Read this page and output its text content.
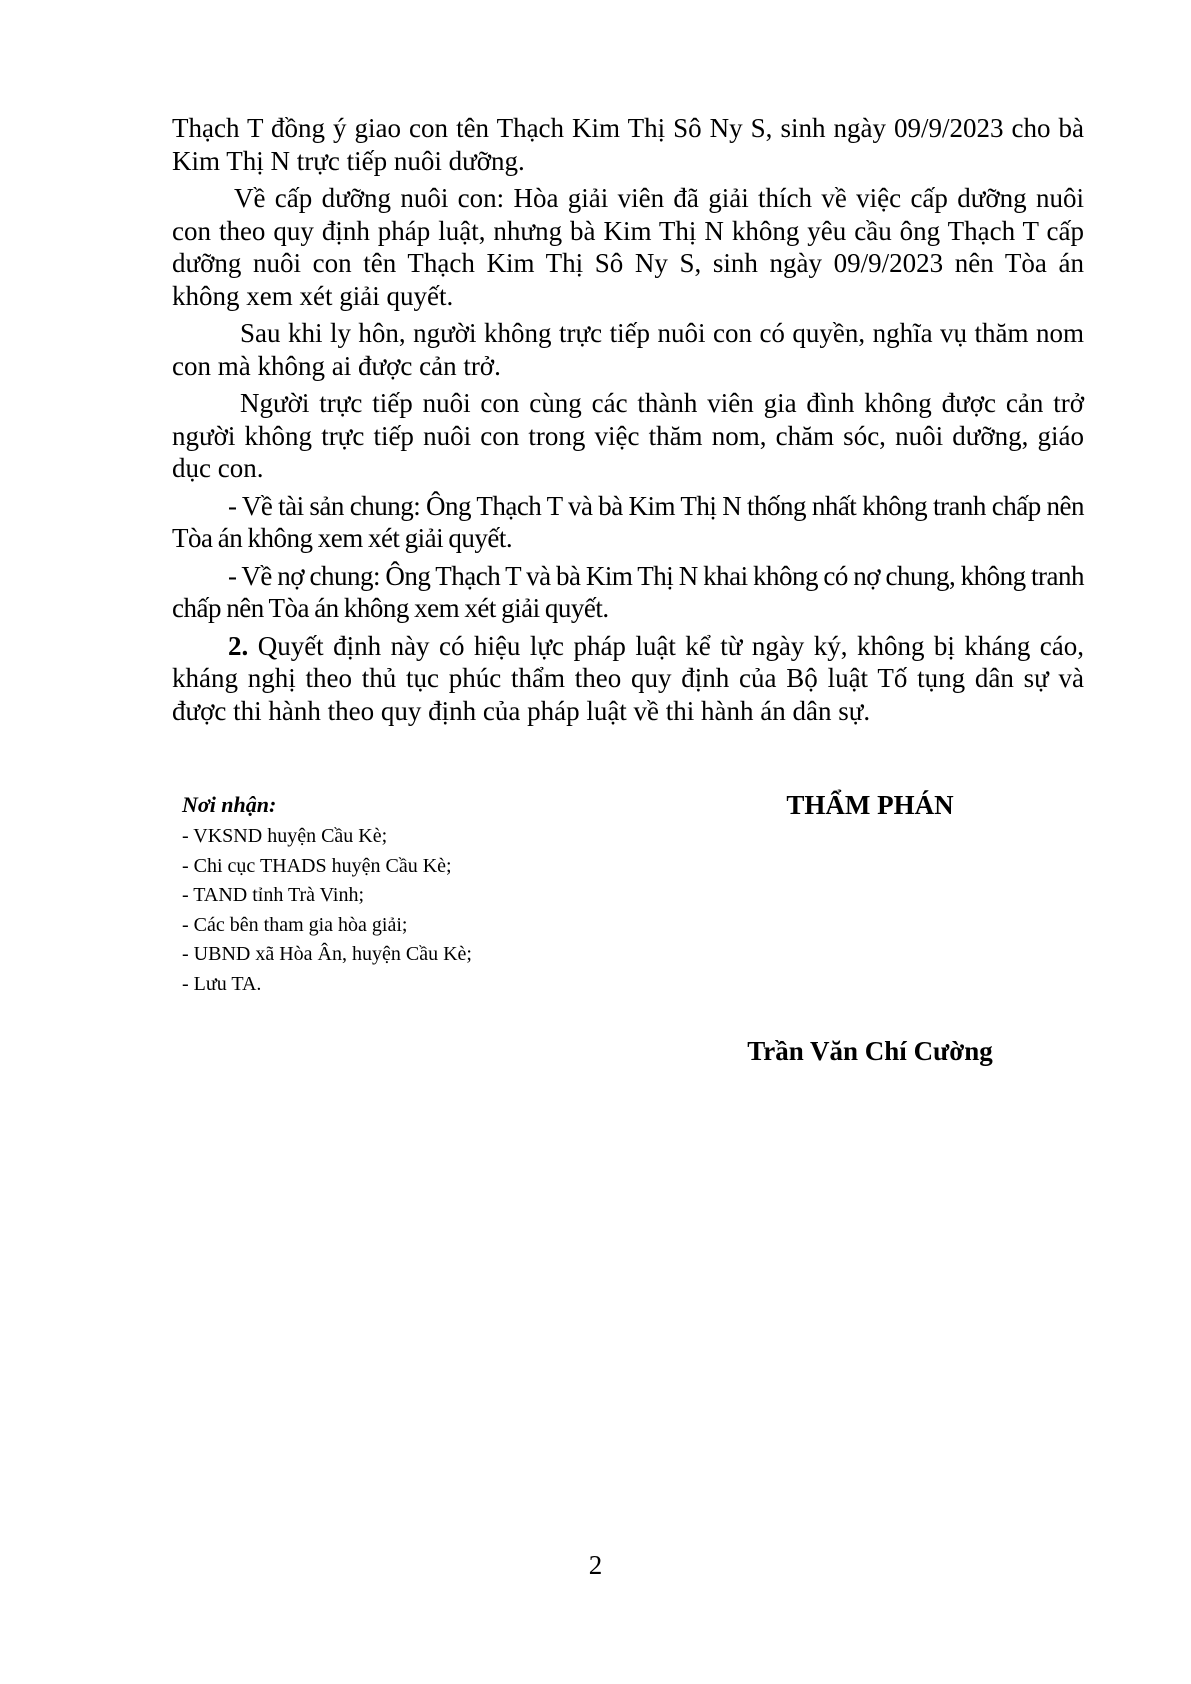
Thạch T đồng ý giao con tên Thạch Kim Thị Sô Ny S, sinh ngày 09/9/2023 cho bà Kim Thị N trực tiếp nuôi dưỡng.

Về cấp dưỡng nuôi con: Hòa giải viên đã giải thích về việc cấp dưỡng nuôi con theo quy định pháp luật, nhưng bà Kim Thị N không yêu cầu ông Thạch T cấp dưỡng nuôi con tên Thạch Kim Thị Sô Ny S, sinh ngày 09/9/2023 nên Tòa án không xem xét giải quyết.

Sau khi ly hôn, người không trực tiếp nuôi con có quyền, nghĩa vụ thăm nom con mà không ai được cản trở.

Người trực tiếp nuôi con cùng các thành viên gia đình không được cản trở người không trực tiếp nuôi con trong việc thăm nom, chăm sóc, nuôi dưỡng, giáo dục con.

- Về tài sản chung: Ông Thạch T và bà Kim Thị N thống nhất không tranh chấp nên Tòa án không xem xét giải quyết.

- Về nợ chung: Ông Thạch T và bà Kim Thị N khai không có nợ chung, không tranh chấp nên Tòa án không xem xét giải quyết.

2. Quyết định này có hiệu lực pháp luật kể từ ngày ký, không bị kháng cáo, kháng nghị theo thủ tục phúc thẩm theo quy định của Bộ luật Tố tụng dân sự và được thi hành theo quy định của pháp luật về thi hành án dân sự.

Nơi nhận:
- VKSND huyện Cầu Kè;
- Chi cục THADS huyện Cầu Kè;
- TAND tỉnh Trà Vinh;
- Các bên tham gia hòa giải;
- UBND xã Hòa Ân, huyện Cầu Kè;
- Lưu TA.
THẨM PHÁN
Trần Văn Chí Cường
2
